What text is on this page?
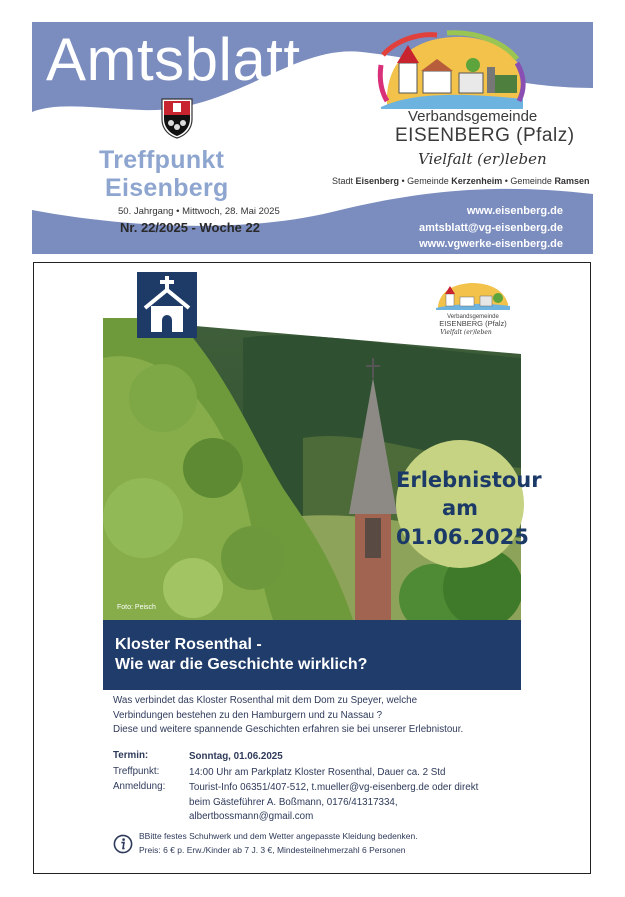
Amtsblatt
Treffpunkt
Eisenberg
50. Jahrgang • Mittwoch, 28. Mai 2025
Nr. 22/2025 - Woche 22
Verbandsgemeinde
EISENBERG (Pfalz)
Vielfalt (er)leben
Stadt Eisenberg • Gemeinde Kerzenheim • Gemeinde Ramsen
www.eisenberg.de
amtsblatt@vg-eisenberg.de
www.vgwerke-eisenberg.de
Foto: Peisch
Verbandsgemeinde
EISENBERG (Pfalz)
Vielfalt (er)leben
Erlebnistour
am
01.06.2025
Kloster Rosenthal -
Wie war die Geschichte wirklich?
Was verbindet das Kloster Rosenthal mit dem Dom zu Speyer, welche
Verbindungen bestehen zu den Hamburgern und zu Nassau ?
Diese und weitere spannende Geschichten erfahren sie bei unserer Erlebnistour.
Termin:	Sonntag, 01.06.2025
Treffpunkt:	14:00 Uhr am Parkplatz Kloster Rosenthal, Dauer ca. 2 Std
Anmeldung: Tourist-Info 06351/407-512, t.mueller@vg-eisenberg.de oder direkt
beim Gästeführer A. Boßmann, 0176/41317334,
albertbossmann@gmail.com
BBitte festes Schuhwerk und dem Wetter angepasste Kleidung bedenken.
Preis: 6 € p. Erw./Kinder ab 7 J. 3 €, Mindesteilnehmerzahl 6 Personen
